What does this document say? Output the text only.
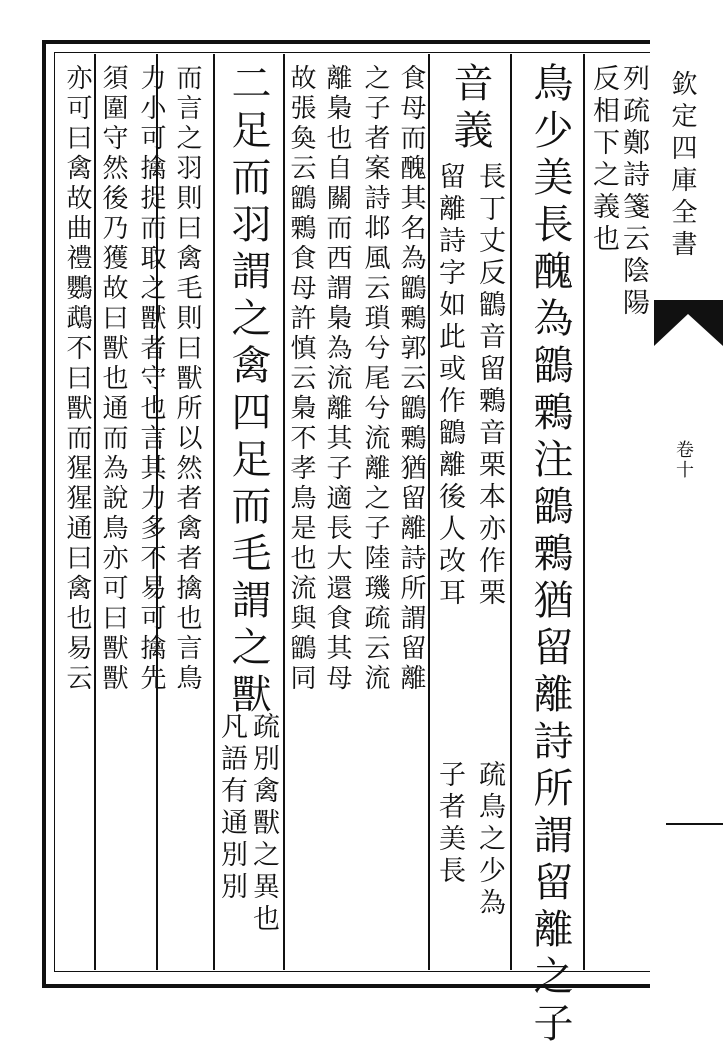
欽定四庫全書
卷十
列疏鄭詩箋云陰陽
反相下之義也
鳥少美長醜為鶹鷅注鶹鷅猶留離詩所謂留離之子
音義
長丁丈反鶹音留鷅音栗本亦作栗
疏鳥之少為
留離詩字如此或作鶹離後人改耳
子者美長
食母而醜其名為鶹鷅郭云鶹鷅猶留離詩所謂留離
之子者案詩邶風云瑣兮尾兮流離之子陸璣疏云流
離梟也自關而西謂梟為流離其子適長大還食其母
故張奐云鶹鷅食母許慎云梟不孝鳥是也流與鶹同
二足而羽謂之禽四足而毛謂之獸
疏別禽獸之異也
凡語有通別別
而言之羽則曰禽毛則曰獸所以然者禽者擒也言鳥
力小可擒捉而取之獸者守也言其力多不易可擒先
須圍守然後乃獲故曰獸也通而為說鳥亦可曰獸獸
亦可曰禽故曲禮鸚鵡不曰獸而猩猩通曰禽也易云
